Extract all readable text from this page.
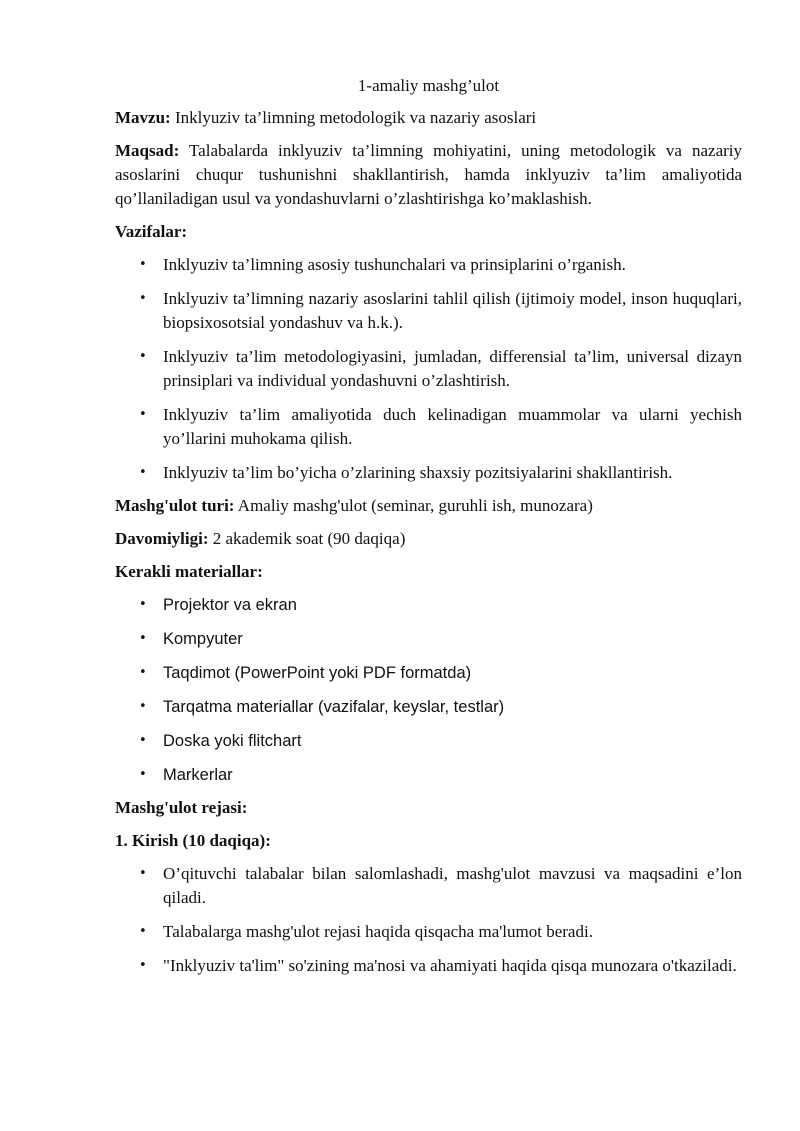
1-amaliy mashg’ulot

Mavzu: Inklyuziv ta’limning metodologik va nazariy asoslari

Maqsad: Talabalarda inklyuziv ta’limning mohiyatini, uning metodologik va nazariy asoslarini chuqur tushunishni shakllantirish, hamda inklyuziv ta’lim amaliyotida qo’llaniladigan usul va yondashuvlarni o’zlashtirishga ko’maklashish.

Vazifalar:
• Inklyuziv ta’limning asosiy tushunchalari va prinsiplarini o’rganish.
• Inklyuziv ta’limning nazariy asoslarini tahlil qilish (ijtimoiy model, inson huquqlari, biopsixosotsial yondashuv va h.k.).
• Inklyuziv ta’lim metodologiyasini, jumladan, differensial ta’lim, universal dizayn prinsiplari va individual yondashuvni o’zlashtirish.
• Inklyuziv ta’lim amaliyotida duch kelinadigan muammolar va ularni yechish yo’llarini muhokama qilish.
• Inklyuziv ta’lim bo’yicha o’zlarining shaxsiy pozitsiyalarini shakllantirish.

Mashg'ulot turi: Amaliy mashg'ulot (seminar, guruhli ish, munozara)

Davomiyligi: 2 akademik soat (90 daqiqa)

Kerakli materiallar:
• Projektor va ekran
• Kompyuter
• Taqdimot (PowerPoint yoki PDF formatda)
• Tarqatma materiallar (vazifalar, keyslar, testlar)
• Doska yoki flitchart
• Markerlar
Mashg'ulot rejasi:
1. Kirish (10 daqiqa):
• O’qituvchi talabalar bilan salomlashadi, mashg'ulot mavzusi va maqsadini e’lon qiladi.
• Talabalarga mashg'ulot rejasi haqida qisqacha ma'lumot beradi.
• "Inklyuziv ta'lim" so'zining ma'nosi va ahamiyati haqida qisqa munozara o'tkaziladi.
